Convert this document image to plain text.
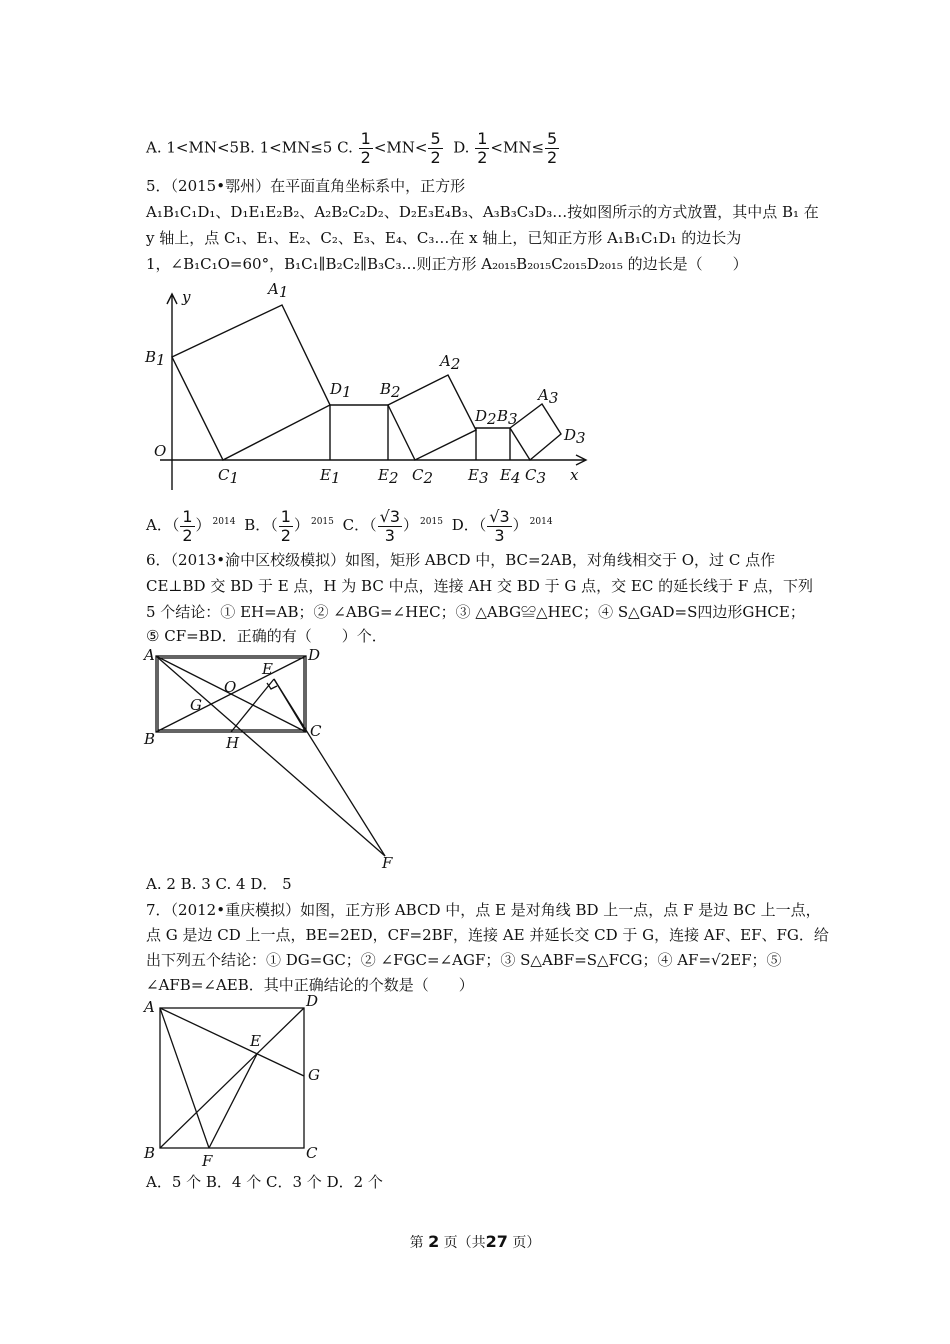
A. 1<MN<5B. 1<MN≤5 C. $\frac{1}{2} <MN< \frac{5}{2} D$. $\frac{1}{2} <MN\le \frac{5}{2}$
5．（2015•鄂州）在平面直角坐标系中，正方形
A₁B₁C₁D₁、D₁E₁E₂B₂、A₂B₂C₂D₂、D₂E₃E₄B₃、A₃B₃C₃D₃…按如图所示的方式放置，其中点 B₁ 在
y 轴上，点 C₁、E₁、E₂、C₂、E₃、E₄、C₃…在 x 轴上，已知正方形 A₁B₁C₁D₁ 的边长为
1，∠B₁C₁O=60°，B₁C₁∥B₂C₂∥B₃C₃…则正方形 A₂₀₁₅B₂₀₁₅C₂₀₁₅D₂₀₁₅ 的边长是（　　）
A1
B1
C1
D1
E1	E2
B2
A2
C2
D2
E3 E4
B3
A3
C3
D3
O
x
y
A．（ $\frac{1}{2}$ ） $^{2014}$ B．（ $\frac{1}{2}$ ） $^{2015}$ C．（ $\frac{√3}{3}$ ） $^{2015}$ D．（ $\frac{√3}{3}$ ） $^{2014}$
6．（2013•渝中区校级模拟）如图，矩形 ABCD 中，BC=2AB，对角线相交于 O，过 C 点作
CE⊥BD 交 BD 于 E 点，H 为 BC 中点，连接 AH 交 BD 于 G 点，交 EC 的延长线于 F 点，下列
5 个结论：① EH=AB；② ∠ABG=∠HEC；③ △ABG≌△HEC；④ S△GAD=S四边形GHCE；
⑤ CF=BD．正确的有（　　）个．
A	D
E
O
G
B	H
C
F
A. 2 B. 3 C. 4 D． 5
7．（2012•重庆模拟）如图，正方形 ABCD 中，点 E 是对角线 BD 上一点，点 F 是边 BC 上一点，
点 G 是边 CD 上一点，BE=2ED，CF=2BF，连接 AE 并延长交 CD 于 G，连接 AF、EF、FG．给
出下列五个结论：① DG=GC；② ∠FGC=∠AGF；③ S△ABF=S△FCG；④ AF=√2EF；⑤
∠AFB=∠AEB．其中正确结论的个数是（　　）
A	D
E
G
B	F	C
A．5 个 B．4 个 C．3 个 D．2 个
第 2 页（共27 页）
